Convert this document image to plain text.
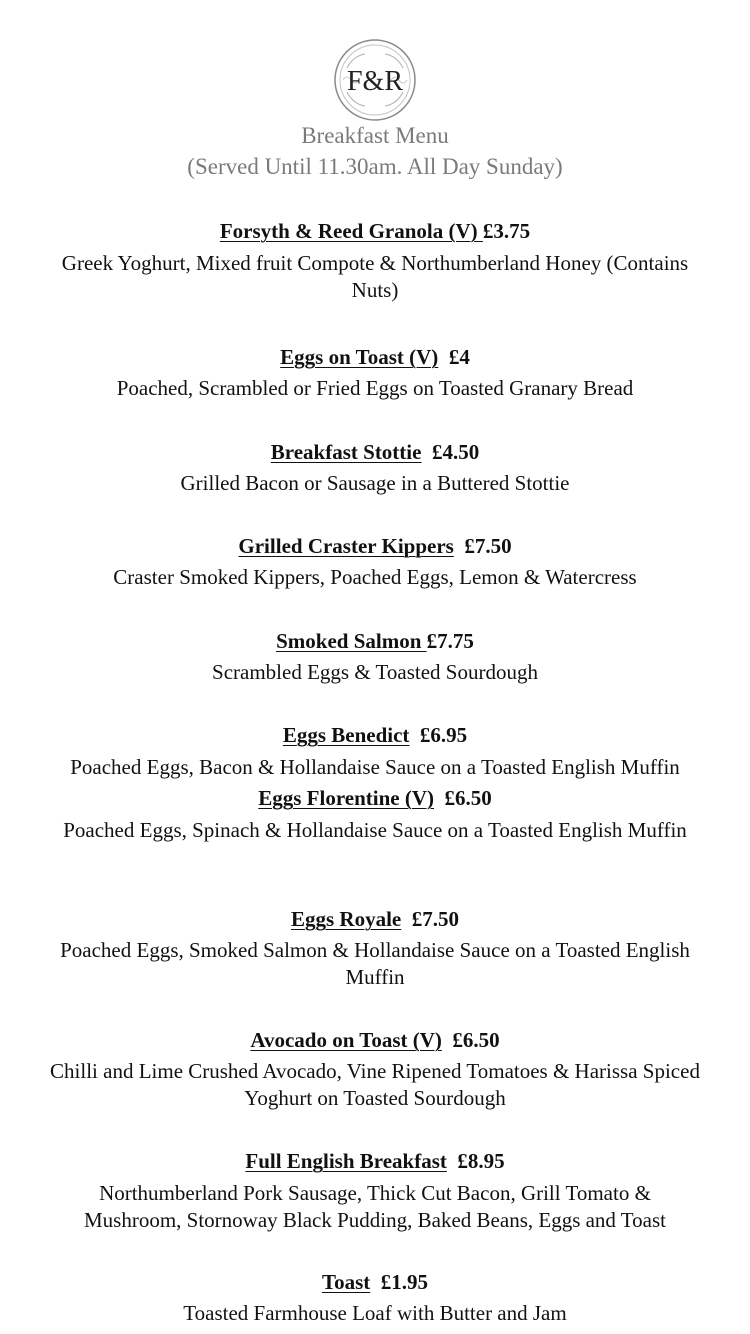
F&R
Breakfast Menu
(Served Until 11.30am. All Day Sunday)
Forsyth & Reed Granola (V) £3.75
Greek Yoghurt, Mixed fruit Compote & Northumberland Honey (Contains Nuts)
Eggs on Toast (V) £4
Poached, Scrambled or Fried Eggs on Toasted Granary Bread
Breakfast Stottie £4.50
Grilled Bacon or Sausage in a Buttered Stottie
Grilled Craster Kippers £7.50
Craster Smoked Kippers, Poached Eggs, Lemon & Watercress
Smoked Salmon £7.75
Scrambled Eggs & Toasted Sourdough
Eggs Benedict £6.95
Poached Eggs, Bacon & Hollandaise Sauce on a Toasted English Muffin
Eggs Florentine (V) £6.50
Poached Eggs, Spinach & Hollandaise Sauce on a Toasted English Muffin
Eggs Royale £7.50
Poached Eggs, Smoked Salmon & Hollandaise Sauce on a Toasted English Muffin
Avocado on Toast (V) £6.50
Chilli and Lime Crushed Avocado, Vine Ripened Tomatoes & Harissa Spiced Yoghurt on Toasted Sourdough
Full English Breakfast £8.95
Northumberland Pork Sausage, Thick Cut Bacon, Grill Tomato & Mushroom, Stornoway Black Pudding, Baked Beans, Eggs and Toast
Toast £1.95
Toasted Farmhouse Loaf with Butter and Jam
